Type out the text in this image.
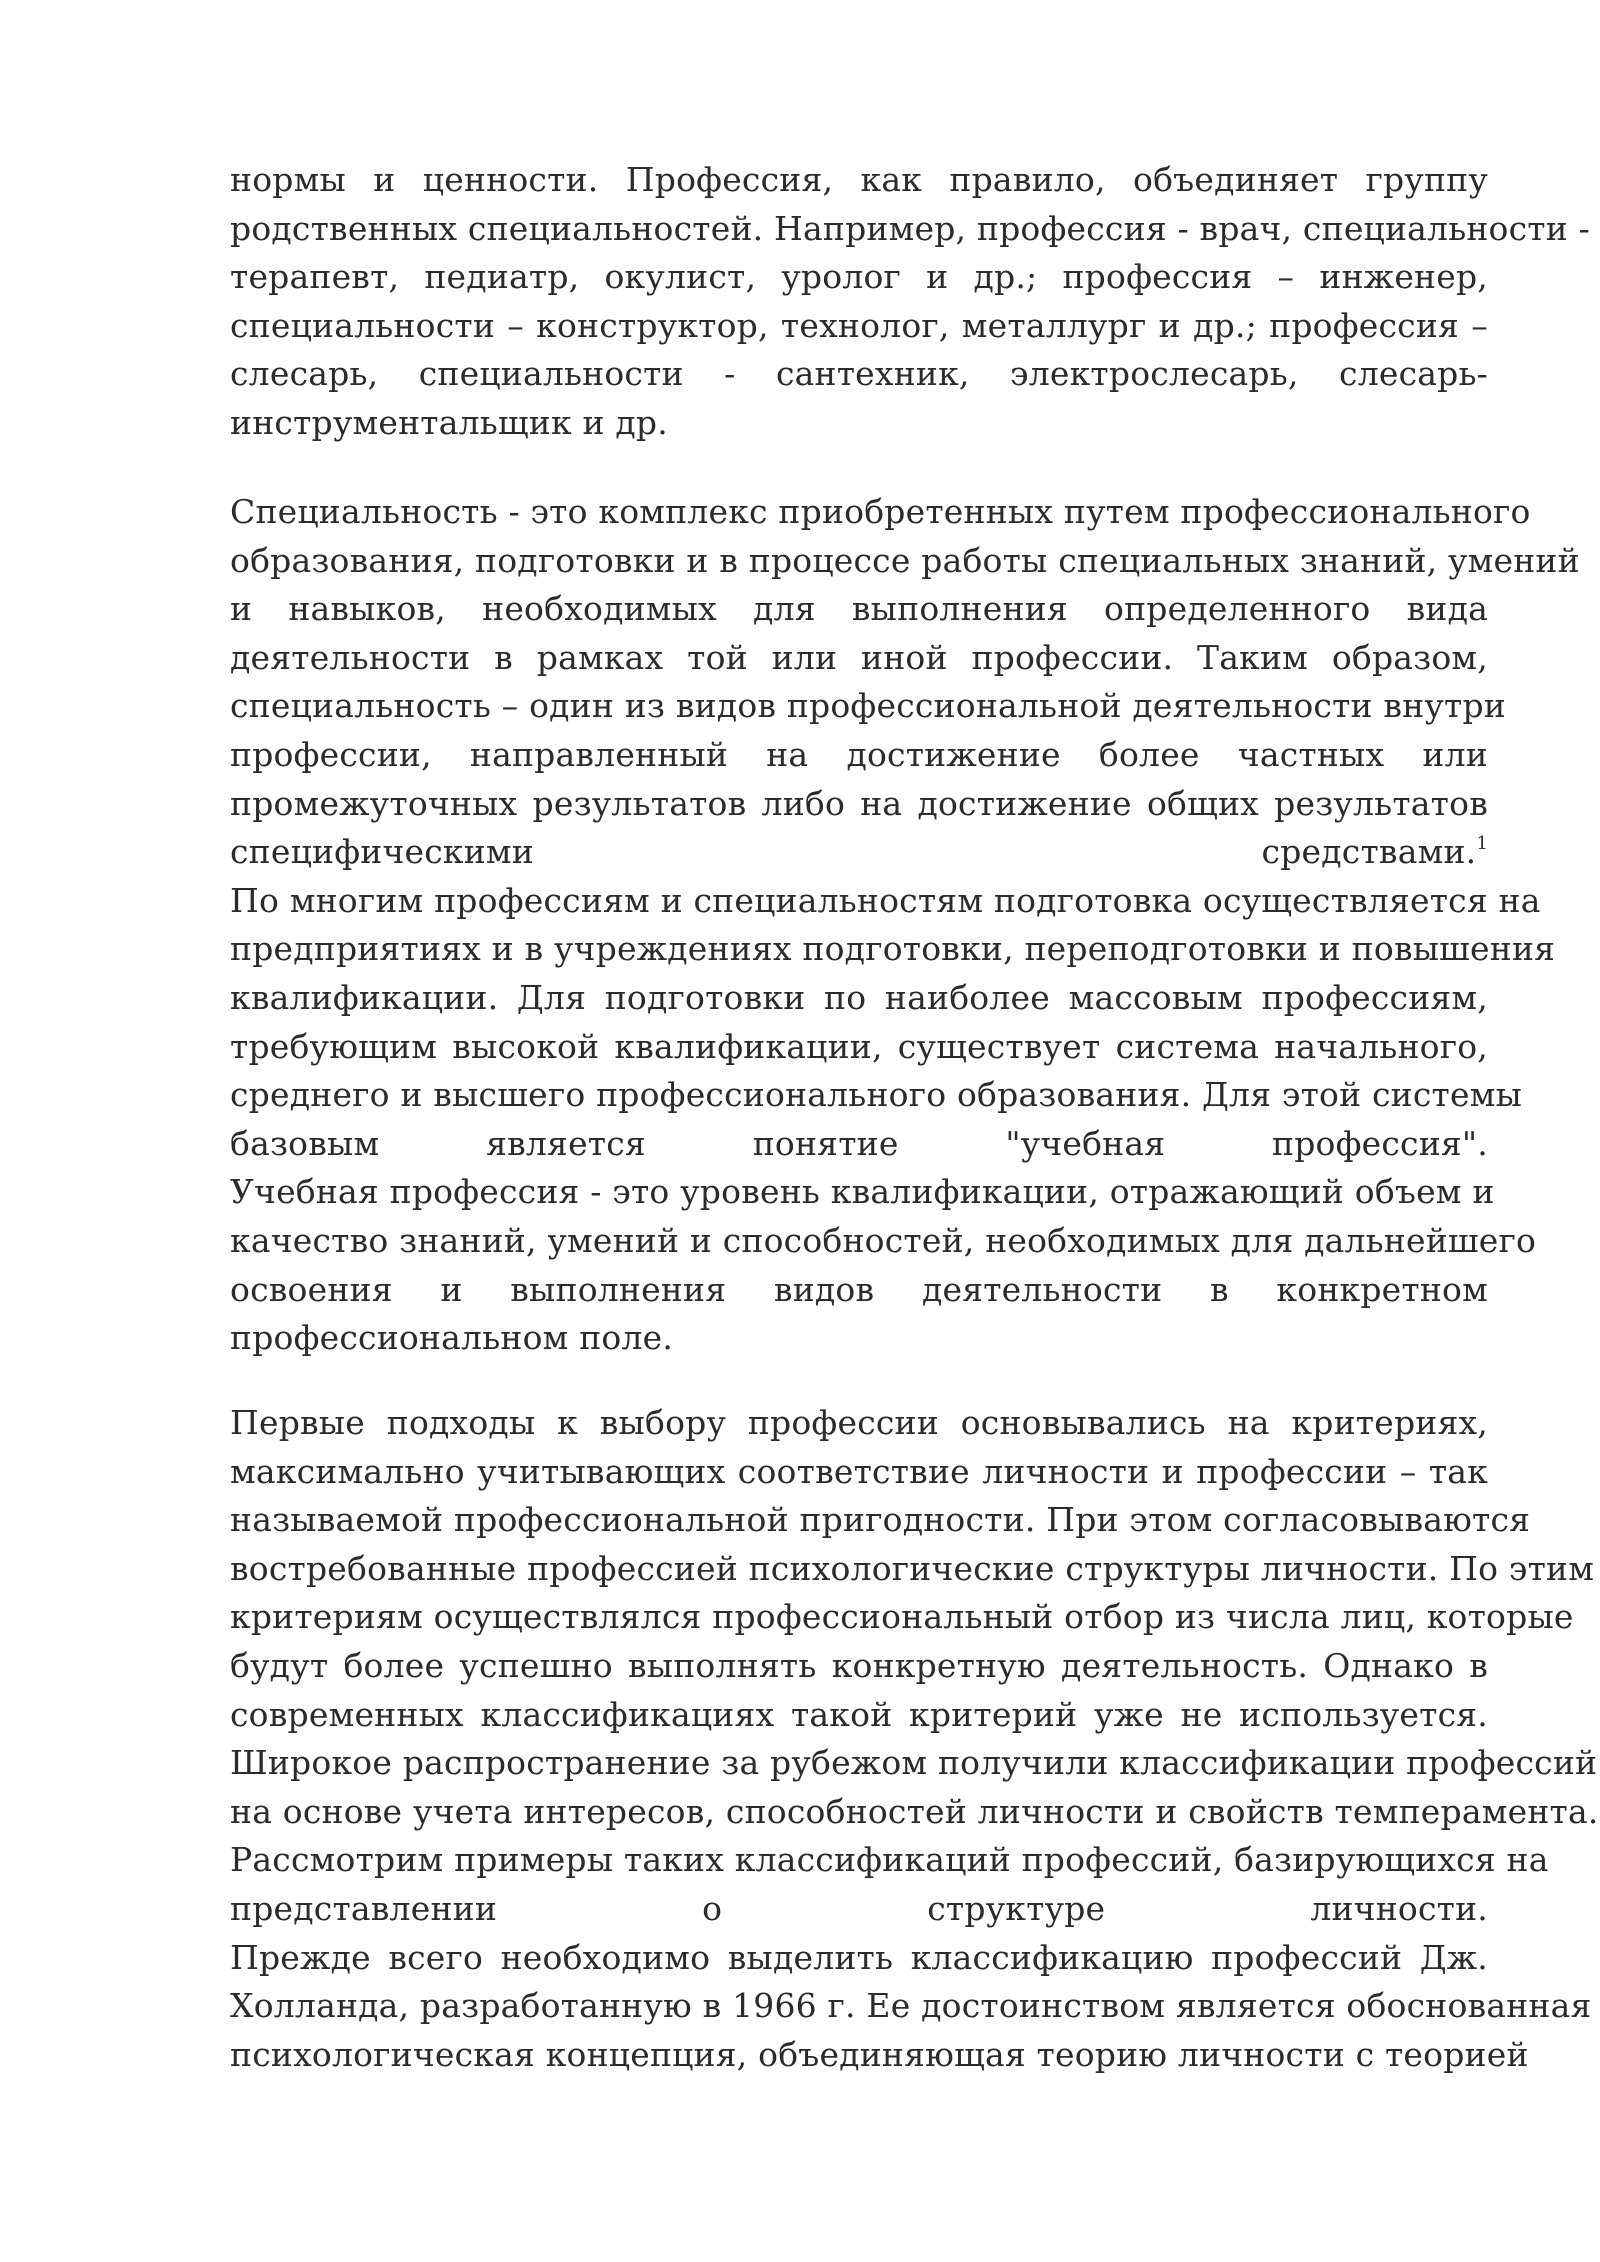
нормы и ценности. Профессия, как правило, объединяет группу
родственных специальностей. Например, профессия - врач, специальности -
терапевт, педиатр, окулист, уролог и др.; профессия – инженер,
специальности – конструктор, технолог, металлург и др.; профессия –
слесарь, специальности - сантехник, электрослесарь, слесарь-
инструментальщик и др.
Специальность - это комплекс приобретенных путем профессионального
образования, подготовки и в процессе работы специальных знаний, умений
и навыков, необходимых для выполнения определенного вида
деятельности в рамках той или иной профессии. Таким образом,
специальность – один из видов профессиональной деятельности внутри
профессии, направленный на достижение более частных или
промежуточных результатов либо на достижение общих результатов
специфическими	средствами.$^1$
По многим профессиям и специальностям подготовка осуществляется на
предприятиях и в учреждениях подготовки, переподготовки и повышения
квалификации. Для подготовки по наиболее массовым профессиям,
требующим высокой квалификации, существует система начального,
среднего и высшего профессионального образования. Для этой системы
базовым является понятие "учебная профессия".
Учебная профессия - это уровень квалификации, отражающий объем и
качество знаний, умений и способностей, необходимых для дальнейшего
освоения и выполнения видов деятельности в конкретном
профессиональном поле.
Первые подходы к выбору профессии основывались на критериях,
максимально учитывающих соответствие личности и профессии – так
называемой профессиональной пригодности. При этом согласовываются
востребованные профессией психологические структуры личности. По этим
критериям осуществлялся профессиональный отбор из числа лиц, которые
будут более успешно выполнять конкретную деятельность. Однако в
современных классификациях такой критерий уже не используется.
Широкое распространение за рубежом получили классификации профессий
на основе учета интересов, способностей личности и свойств темперамента.
Рассмотрим примеры таких классификаций профессий, базирующихся на
представлении о структуре личности.
Прежде всего необходимо выделить классификацию профессий Дж.
Холланда, разработанную в 1966 г. Ее достоинством является обоснованная
психологическая концепция, объединяющая теорию личности с теорией
